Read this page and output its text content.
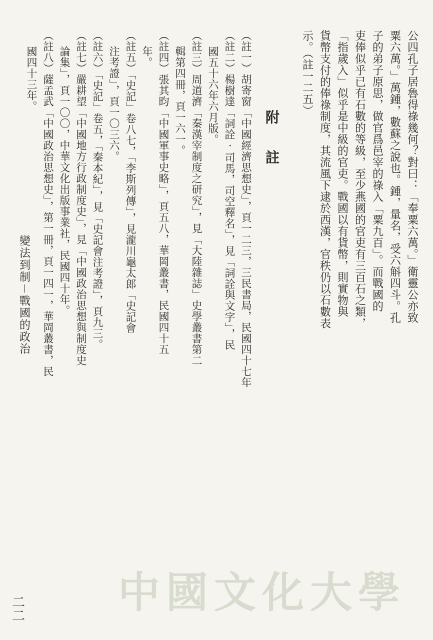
公四孔子居魯得祿幾何？對曰：「奉粟六萬。」衛靈公亦致
粟六萬。」萬鍾，數蘇之說也。鍾，量名，受六斛四斗。孔
子的弟子原思，做官爲邑宰的祿入「粟九百」。而戰國的
吏俸似乎已有石數的等級，至少燕國的官吏有三百石之類，
「指歲入」似乎是中級的官吏。戰國以有貨幣，則實物與
貨幣支付的俸祿制度，其流風下逮於西漢，官秩仍以石數表
示。（註一二五）
附　註
（註一）胡寄窗「中國經濟思想史」，頁一二三，三民書局，民國四十七年
（註二）楊樹達「詞詮 · 司馬，司空釋名」，見「詞詮與文字」，民
國五十六年六月版。
（註三）周道濟「秦漢宰制度之研究」，見「大陸雜誌」史學叢書第二
輯第四冊，頁一六一。
（註四）張其昀「中國軍事史略」，頁五八，華岡叢書，民國四十五
年。
（註五）「史記」卷八七，「李斯列傳」，見瀧川龜太郎「史記會
注考證」，頁一〇三六。
（註六）「史記」卷五，「秦本紀」，見「史記會注考證」，頁九三。
（註七）嚴耕望「中國地方行政制度史」，見「中國政治思想與制度史
論集」，頁一〇〇，中華文化出版事業社，民國四十年。
（註八）薩孟武「中國政治思想史」，第一冊，頁一四一，華岡叢書，民
國四十三年。
變法到制－戰國的政治
中國文化大學
二二
